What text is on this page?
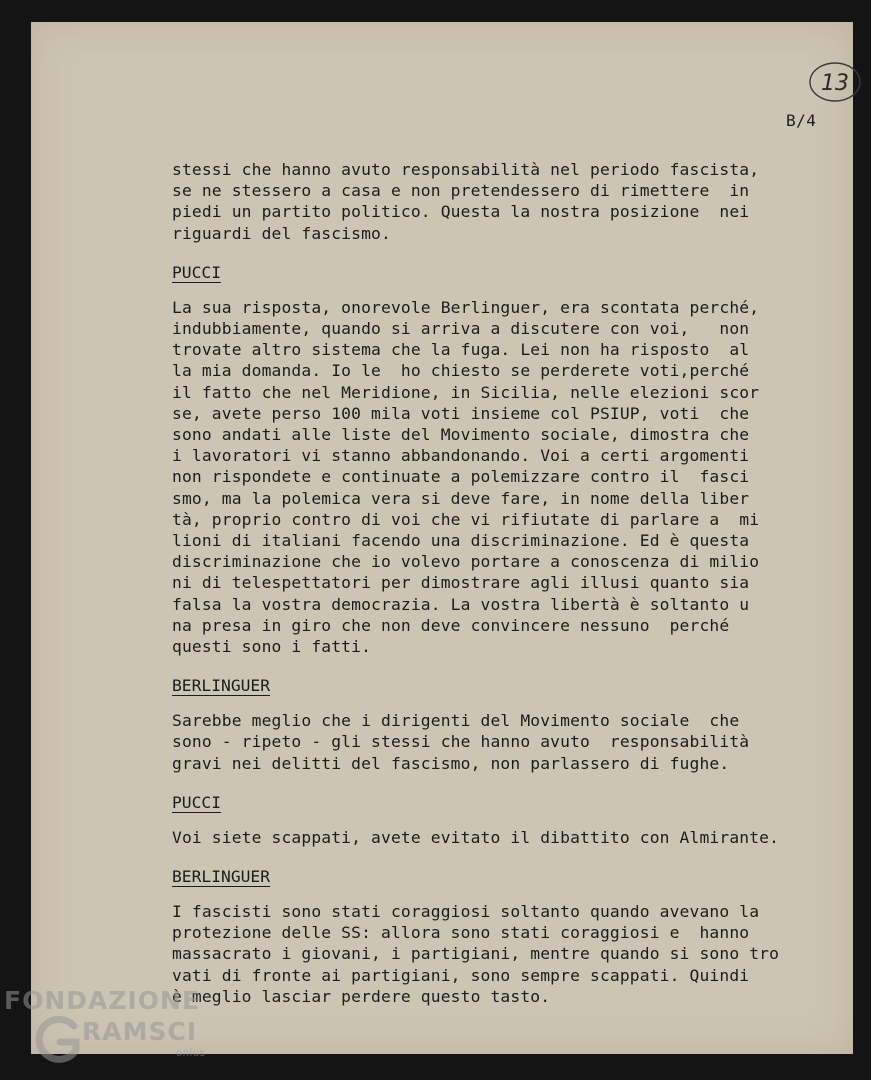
13
B/4

stessi che hanno avuto responsabilità nel periodo fascista,
se ne stessero a casa e non pretendessero di rimettere  in
piedi un partito politico. Questa la nostra posizione  nei
riguardi del fascismo.

PUCCI

La sua risposta, onorevole Berlinguer, era scontata perché,
indubbiamente, quando si arriva a discutere con voi,   non
trovate altro sistema che la fuga. Lei non ha risposto  al
la mia domanda. Io le  ho chiesto se perderete voti,perché
il fatto che nel Meridione, in Sicilia, nelle elezioni scor
se, avete perso 100 mila voti insieme col PSIUP, voti  che
sono andati alle liste del Movimento sociale, dimostra che
i lavoratori vi stanno abbandonando. Voi a certi argomenti
non rispondete e continuate a polemizzare contro il  fasci
smo, ma la polemica vera si deve fare, in nome della liber
tà, proprio contro di voi che vi rifiutate di parlare a  mi
lioni di italiani facendo una discriminazione. Ed è questa
discriminazione che io volevo portare a conoscenza di milio
ni di telespettatori per dimostrare agli illusi quanto sia
falsa la vostra democrazia. La vostra libertà è soltanto u
na presa in giro che non deve convincere nessuno  perché
questi sono i fatti.

BERLINGUER

Sarebbe meglio che i dirigenti del Movimento sociale  che
sono - ripeto - gli stessi che hanno avuto  responsabilità
gravi nei delitti del fascismo, non parlassero di fughe.

PUCCI

Voi siete scappati, avete evitato il dibattito con Almirante.

BERLINGUER

I fascisti sono stati coraggiosi soltanto quando avevano la
protezione delle SS: allora sono stati coraggiosi e  hanno
massacrato i giovani, i partigiani, mentre quando si sono tro
vati di fronte ai partigiani, sono sempre scappati. Quindi
è meglio lasciar perdere questo tasto.

FONDAZIONE
RAMSCI
onlus
